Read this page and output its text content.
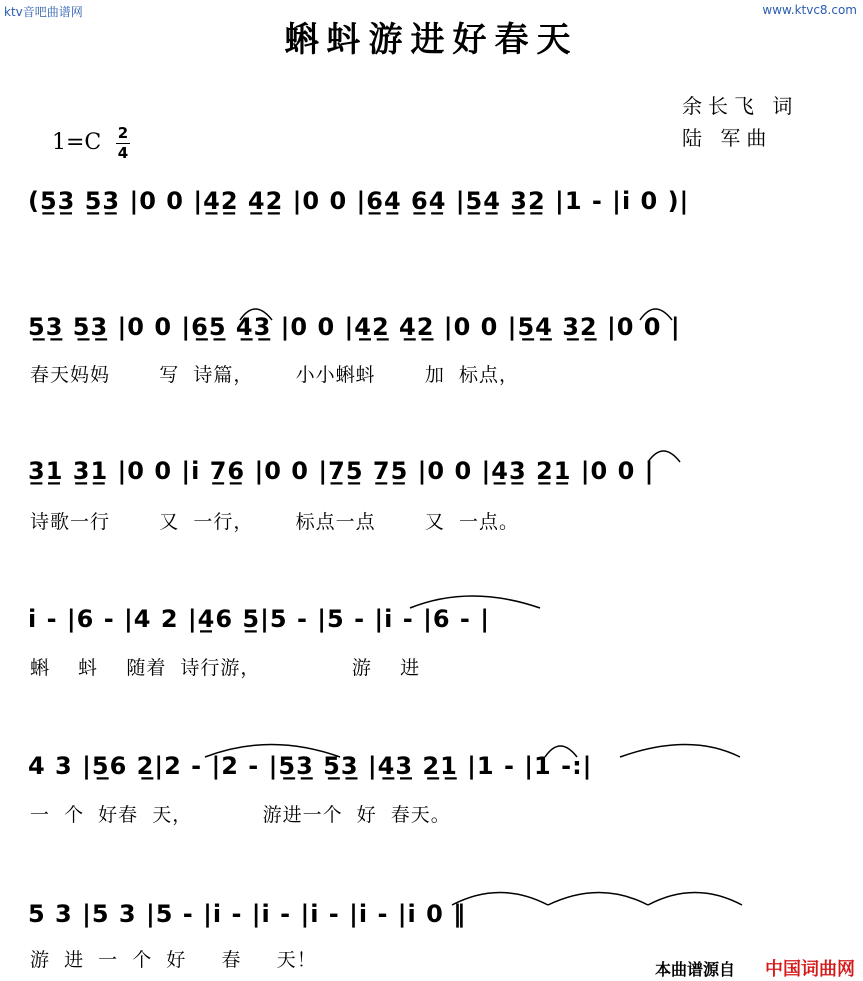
ktv音吧曲谱网	www.ktvc8.com
蝌蚪游进好春天
余长飞 词
陆 军曲
1=C 2
4
(5̲3̲ 5̲3̲ |0 0 |4̲2̲ 4̲2̲ |0 0 |6̲4̲ 6̲4̲ |5̲4̲ 3̲2̲ |1 - |i 0 )|
5̲3̲ 5̲3̲ |0 0 |6̲5̲ 4̲3̲ |0 0 |4̲2̲ 4̲2̲ |0 0 |5̲4̲ 3̲2̲ |0 0 |
春天妈妈       写  诗篇，      小小蝌蚪       加  标点，
3̲1̲ 3̲1̲ |0 0 |i 7̲6̲ |0 0 |7̲5̲ 7̲5̲ |0 0 |4̲3̲ 2̲1̲ |0 0 |
诗歌一行       又  一行，      标点一点       又  一点。
i - |6 - |4 2 |4̲6 5̲|5 - |5 - |i - |6 - |
蝌    蚪    随着  诗行游，             游    进
4 3 |5̲6 2̲|2 - |2 - |5̲3̲ 5̲3̲ |4̲3̲ 2̲1̲ |1 - |1 -:|
一  个  好春  天，          游进一个  好  春天。
5 3 |5 3 |5 - |i - |i - |i - |i - |i 0 ‖
游  进  一  个  好     春     天！	本曲谱源自 中国词曲网
